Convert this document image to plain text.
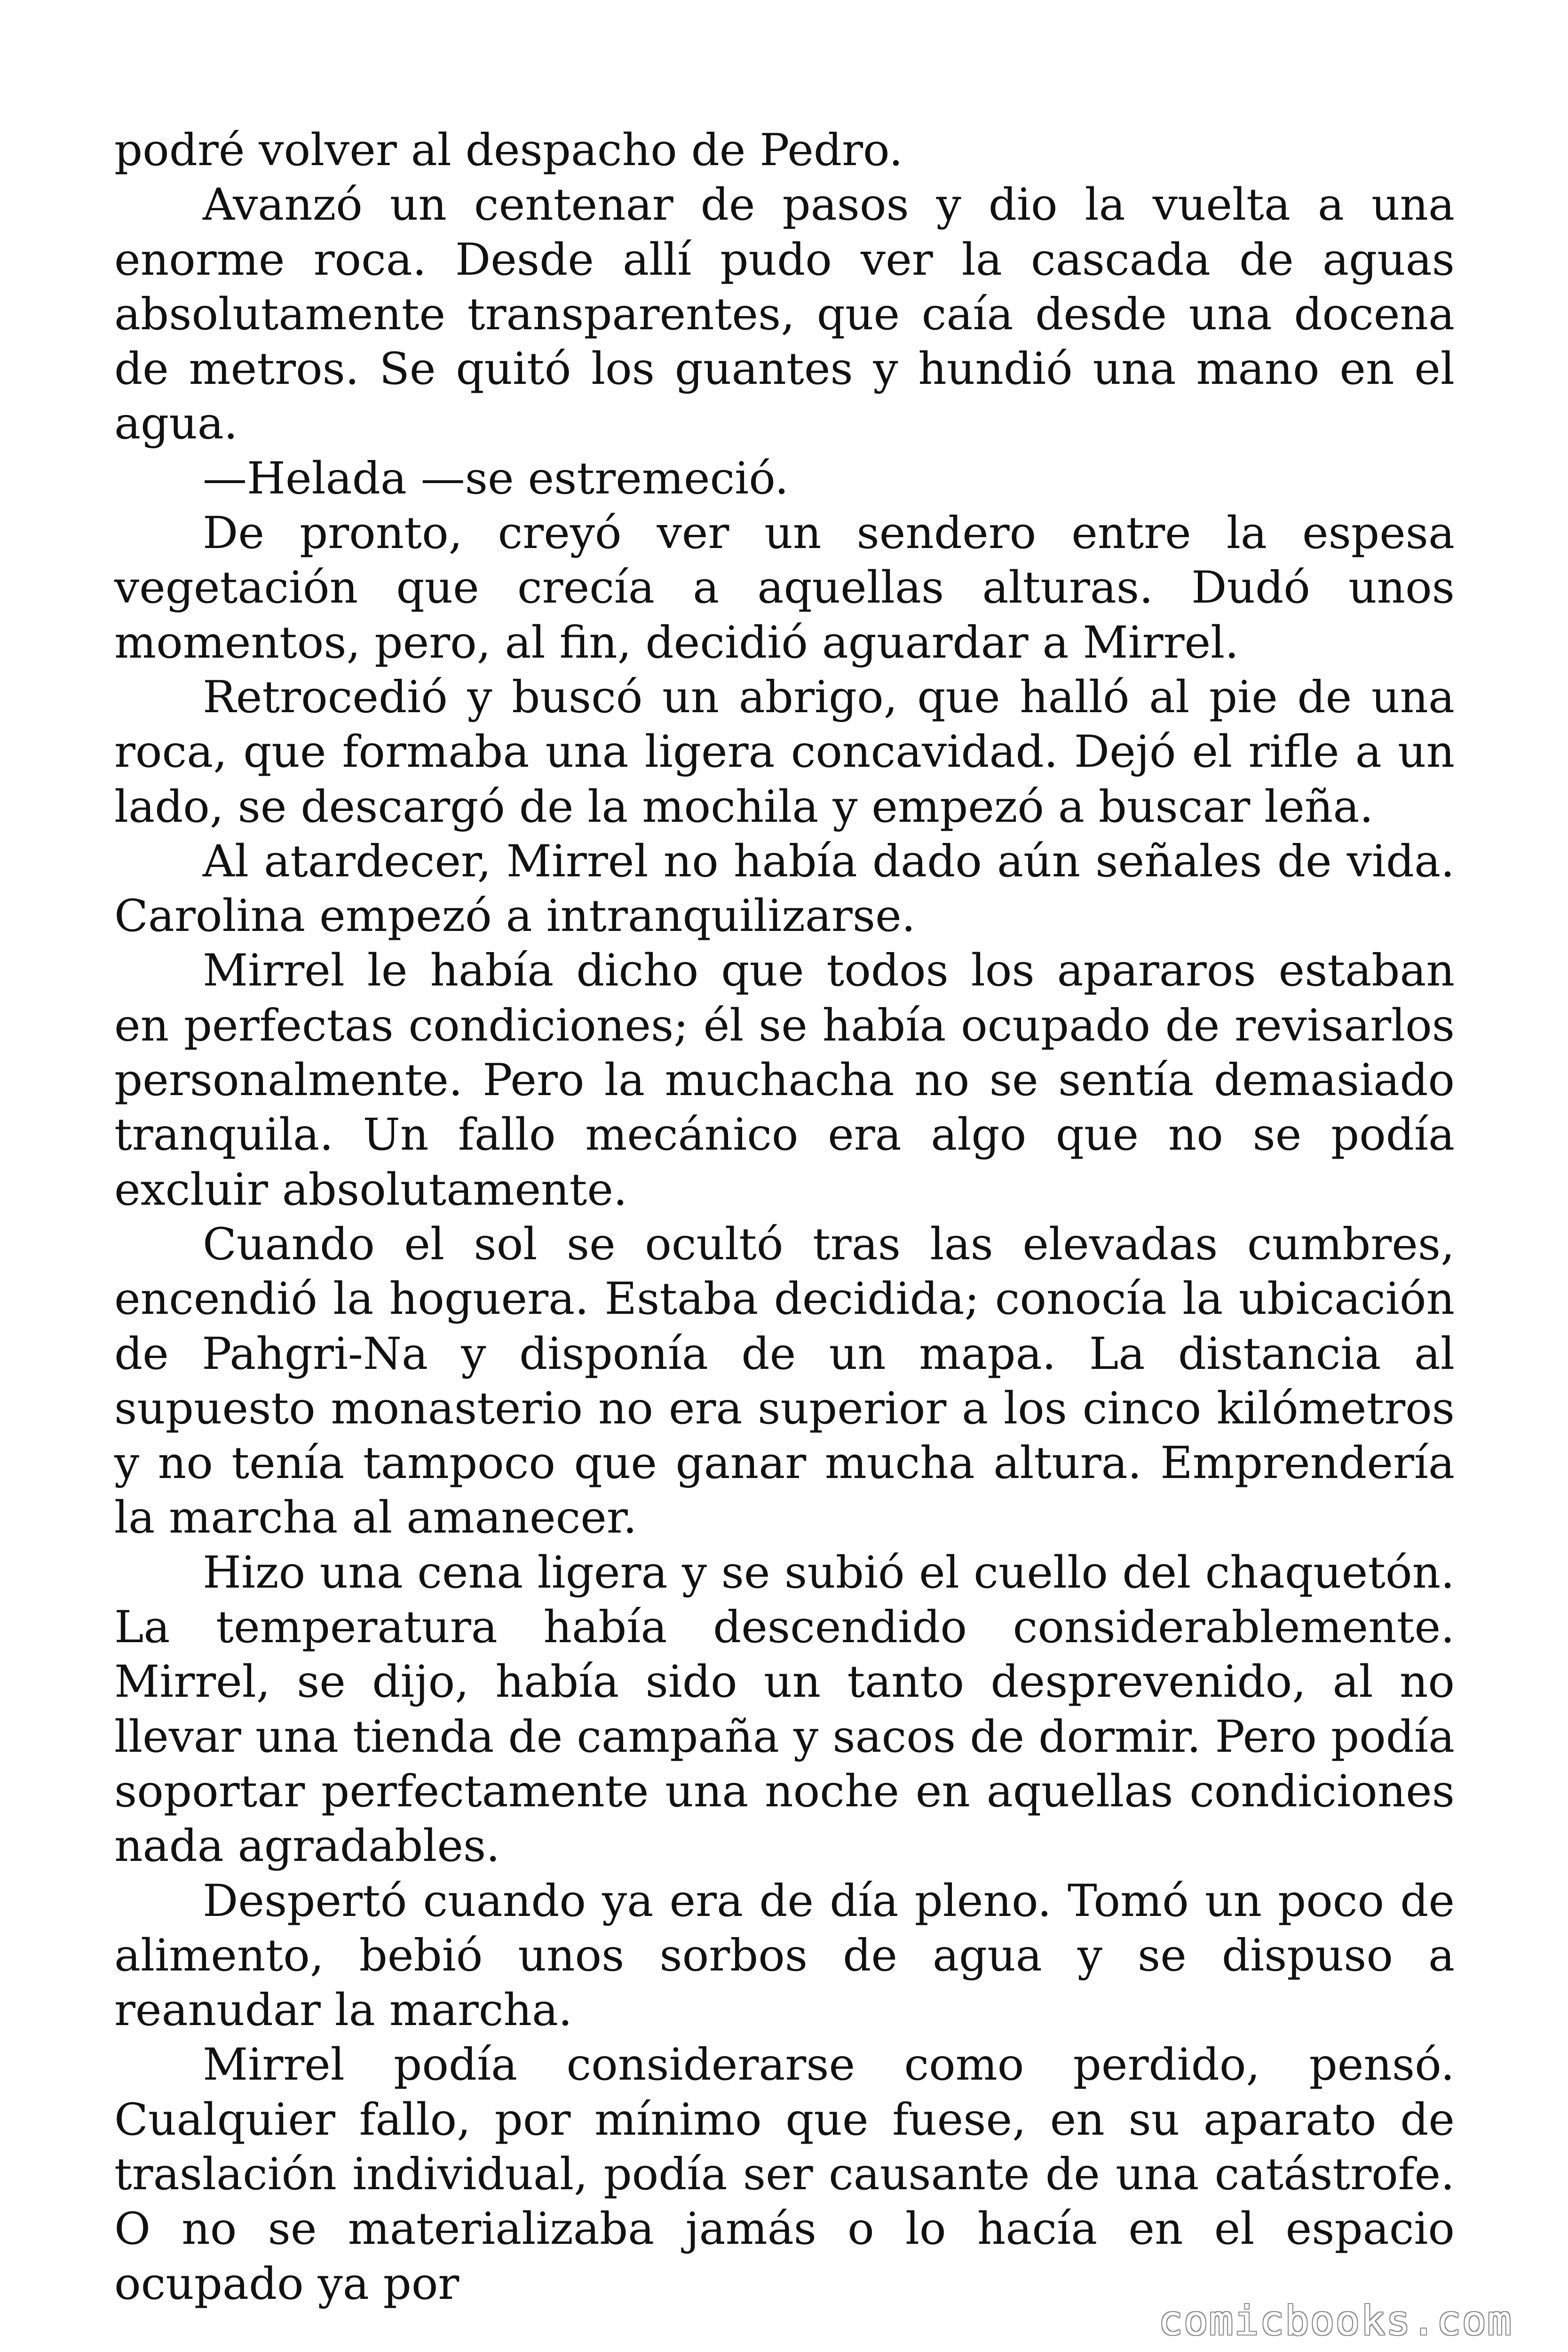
podré volver al despacho de Pedro.

Avanzó un centenar de pasos y dio la vuelta a una enorme roca. Desde allí pudo ver la cascada de aguas absolutamente transparentes, que caía desde una docena de metros. Se quitó los guantes y hundió una mano en el agua.

—Helada —se estremeció.

De pronto, creyó ver un sendero entre la espesa vegetación que crecía a aquellas alturas. Dudó unos momentos, pero, al fin, decidió aguardar a Mirrel.

Retrocedió y buscó un abrigo, que halló al pie de una roca, que formaba una ligera concavidad. Dejó el rifle a un lado, se descargó de la mochila y empezó a buscar leña.

Al atardecer, Mirrel no había dado aún señales de vida. Carolina empezó a intranquilizarse.

Mirrel le había dicho que todos los apararos estaban en perfectas condiciones; él se había ocupado de revisarlos personalmente. Pero la muchacha no se sentía demasiado tranquila. Un fallo mecánico era algo que no se podía excluir absolutamente.

Cuando el sol se ocultó tras las elevadas cumbres, encendió la hoguera. Estaba decidida; conocía la ubicación de Pahgri-Na y disponía de un mapa. La distancia al supuesto monasterio no era superior a los cinco kilómetros y no tenía tampoco que ganar mucha altura. Emprendería la marcha al amanecer.

Hizo una cena ligera y se subió el cuello del chaquetón. La temperatura había descendido considerablemente. Mirrel, se dijo, había sido un tanto desprevenido, al no llevar una tienda de campaña y sacos de dormir. Pero podía soportar perfectamente una noche en aquellas condiciones nada agradables.

Despertó cuando ya era de día pleno. Tomó un poco de alimento, bebió unos sorbos de agua y se dispuso a reanudar la marcha.

Mirrel podía considerarse como perdido, pensó. Cualquier fallo, por mínimo que fuese, en su aparato de traslación individual, podía ser causante de una catástrofe. O no se materializaba jamás o lo hacía en el espacio ocupado ya por

comicbooks.com
